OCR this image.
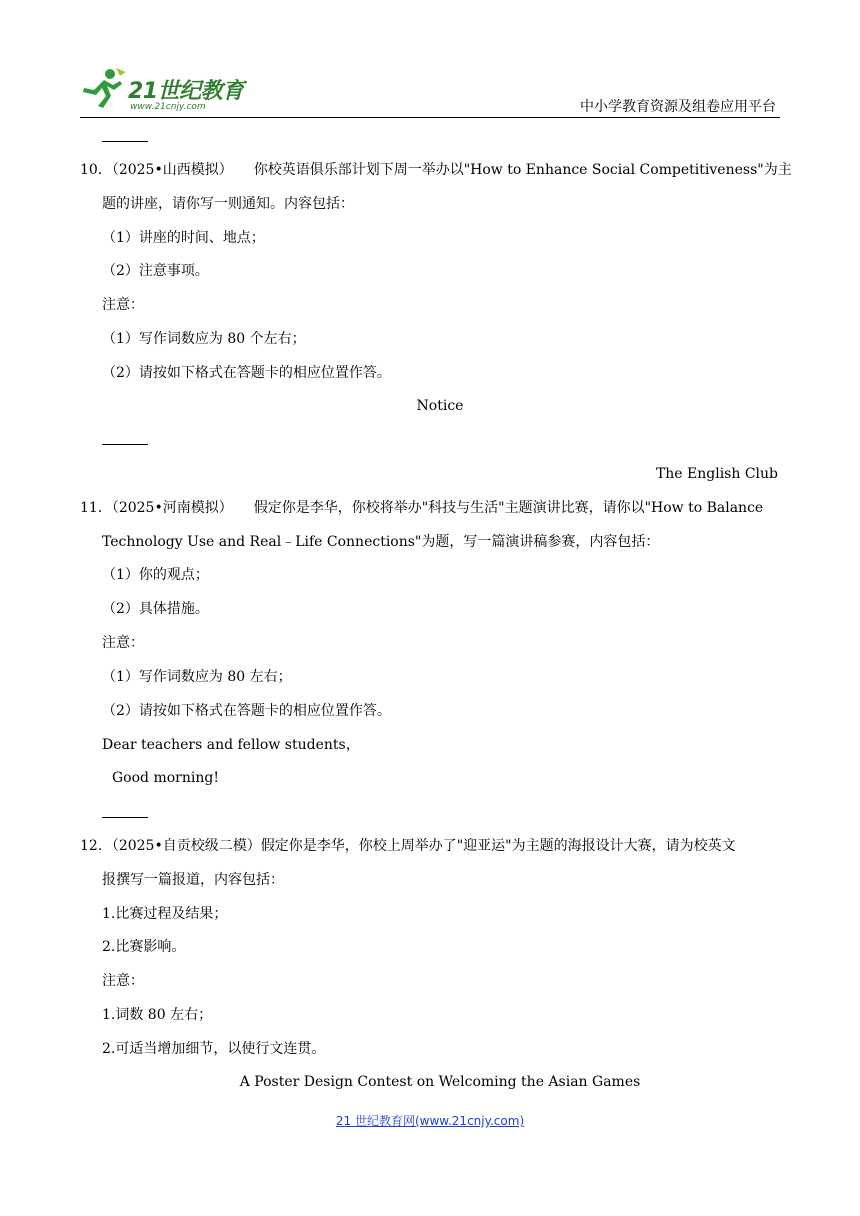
21世纪教育
www.21cnjy.com	中小学教育资源及组卷应用平台
10．（2025•山西模拟）　　你校英语俱乐部计划下周一举办以"How to Enhance Social Competitiveness"为主
题的讲座，请你写一则通知。内容包括：
（1）讲座的时间、地点；
（2）注意事项。
注意：
（1）写作词数应为 80 个左右；
（2）请按如下格式在答题卡的相应位置作答。
Notice
The English Club
11．（2025•河南模拟）　　假定你是李华，你校将举办"科技与生活"主题演讲比赛，请你以"How to Balance
Technology Use and Real﹣Life Connections"为题，写一篇演讲稿参赛，内容包括：
（1）你的观点；
（2）具体措施。
注意：
（1）写作词数应为 80 左右；
（2）请按如下格式在答题卡的相应位置作答。
Dear teachers and fellow students，
Good morning!
12．（2025•自贡校级二模）假定你是李华，你校上周举办了"迎亚运"为主题的海报设计大赛，请为校英文
报撰写一篇报道，内容包括：
1.比赛过程及结果；
2.比赛影响。
注意：
1.词数 80 左右；
2.可适当增加细节，以使行文连贯。
A Poster Design Contest on Welcoming the Asian Games
21 世纪教育网(www.21cnjy.com)
